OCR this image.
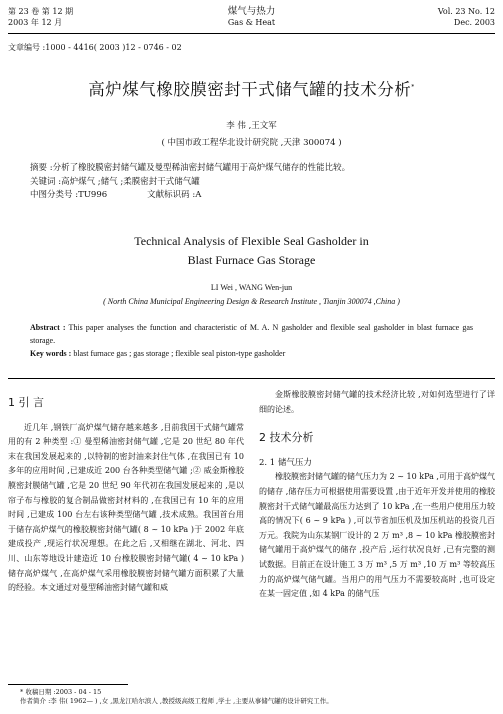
第 23 卷 第 12 期
2003 年 12 月
煤气与热力
Gas & Heat
Vol. 23 No. 12
Dec. 2003
文章编号 :1000 - 4416( 2003 )12 - 0746 - 02
高炉煤气橡胶膜密封干式储气罐的技术分析*
李 伟 ,王文军
( 中国市政工程华北设计研究院 ,天津 300074 )
摘要 :分析了橡胶膜密封储气罐及曼型稀油密封储气罐用于高炉煤气储存的性能比较。
关键词 :高炉煤气 ;储气 ;柔膜密封干式储气罐
中图分类号 :TU996	文献标识码 :A
Technical Analysis of Flexible Seal Gasholder in
Blast Furnace Gas Storage
LI Wei , WANG Wen-jun
( North China Municipal Engineering Design & Research Institute , Tianjin 300074 ,China )
Abstract : This paper analyses the function and characteristic of M. A. N gasholder and flexible seal gasholder in blast furnace gas storage.
Key words : blast furnace gas ; gas storage ; flexible seal piston-type gasholder
1 引 言

近几年 ,钢铁厂高炉煤气储存越来越多 ,目前我国干式储气罐常用的有 2 种类型 :① 曼型稀油密封储气罐 ,它是 20 世纪 80 年代末在我国发展起来的 ,以特制的密封油来封住气体 ,在我国已有 10 多年的应用时间 ,已建成近 200 台各种类型储气罐 ;② 威金斯橡胶膜密封膜储气罐 ,它是 20 世纪 90 年代初在我国发展起来的 ,是以帘子布与橡胶的复合制品做密封材料的 ,在我国已有 10 年的应用时间 ,已建成 100 台左右该种类型储气罐 ,技术成熟。我国首台用于储存高炉煤气的橡胶膜密封储气罐( 8 ~ 10 kPa )于 2002 年底建成投产 ,现运行状况理想。在此之后 ,又相继在湖北、河北、四川、山东等地设计建造近 10 台橡胶膜密封储气罐( 4 ~ 10 kPa )储存高炉煤气 ,在高炉煤气采用橡胶膜密封储气罐方面积累了大量的经验。本文通过对曼型稀油密封储气罐和威

金斯橡胶膜密封储气罐的技术经济比较 ,对如何选型进行了详细的论述。

2 技术分析
2. 1 储气压力

橡胶膜密封储气罐的储气压力为 2 ~ 10 kPa ,可用于高炉煤气的储存 ,储存压力可根据使用需要设置 ,由于近年开发并使用的橡胶膜密封干式储气罐最高压力达到了 10 kPa ,在一些用户使用压力较高的情况下( 6 ~ 9 kPa ) ,可以节省加压机及加压机站的投资几百万元。我院为山东某钢厂设计的 2 万 m³ ,8 ~ 10 kPa 橡胶膜密封储气罐用于高炉煤气的储存 ,投产后 ,运行状况良好 ,已有完整的测试数据。目前正在设计施工 3 万 m³ ,5 万 m³ ,10 万 m³ 等较高压力的高炉煤气储气罐。当用户的用气压力不需要较高时 ,也可设定在某一固定值 ,如 4 kPa 的储气压

* 收稿日期 :2003 - 04 - 15
作者简介 :李 伟( 1962— ) ,女 ,黑龙江哈尔滨人 ,教授级高级工程师 ,学士 ,主要从事储气罐的设计研究工作。
